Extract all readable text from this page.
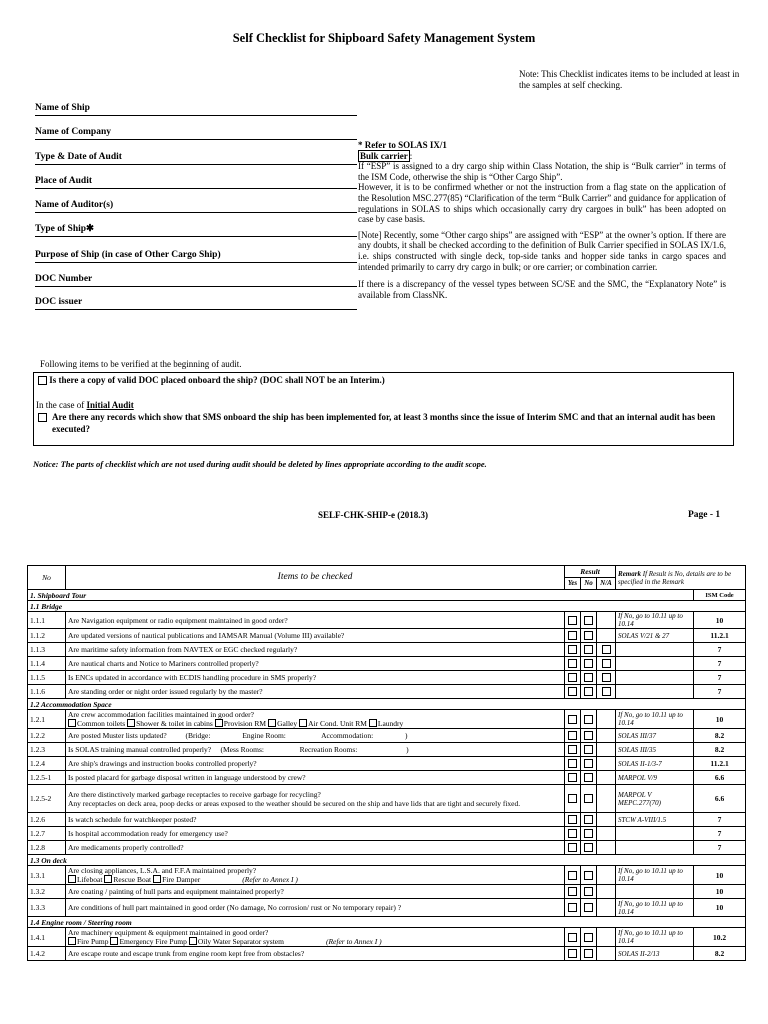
Self Checklist for Shipboard Safety Management System
Note: This Checklist indicates items to be included at least in the samples at self checking.
Name of Ship
Name of Company
Type & Date of Audit
Place of Audit
Name of Auditor(s)
Type of Ship✱
Purpose of Ship (in case of Other Cargo Ship)
DOC Number
DOC issuer

* Refer to SOLAS IX/1

Bulk carrier :

If “ESP” is assigned to a dry cargo ship within Class Notation, the ship is “Bulk carrier” in terms of the ISM Code, otherwise the ship is “Other Cargo Ship”.

However, it is to be confirmed whether or not the instruction from a flag state on the application of the Resolution MSC.277(85) “Clarification of the term “Bulk Carrier” and guidance for application of regulations in SOLAS to ships which occasionally carry dry cargoes in bulk” has been adopted on case by case basis.

[Note] Recently, some “Other cargo ships” are assigned with “ESP” at the owner’s option. If there are any doubts, it shall be checked according to the definition of Bulk Carrier specified in SOLAS IX/1.6, i.e. ships constructed with single deck, top-side tanks and hopper side tanks in cargo spaces and intended primarily to carry dry cargo in bulk; or ore carrier; or combination carrier.

If there is a discrepancy of the vessel types between SC/SE and the SMC, the “Explanatory Note” is available from ClassNK.

Following items to be verified at the beginning of audit.
Is there a copy of valid DOC placed onboard the ship? (DOC shall NOT be an Interim.)
In the case of Initial Audit
Are there any records which show that SMS onboard the ship has been implemented for, at least 3 months since the issue of Interim SMC and that an internal audit has been executed?
Notice: The parts of checklist which are not used during audit should be deleted by lines appropriate according to the audit scope.
SELF-CHK-SHIP-e (2018.3)	Page - 1
No	Items to be checked	Result			Remark If Result is No, details are to be specified in the Remark	
		Yes	No	N/A		
1. Shipboard Tour						ISM Code
1.1 Bridge						
1.1.1	Are Navigation equipment or radio equipment maintained in good order?				If No, go to 10.11 up to 10.14	10
1.1.2	Are updated versions of nautical publications and IAMSAR Manual (Volume III) available?				SOLAS V/21 & 27	11.2.1
1.1.3	Are maritime safety information from NAVTEX or EGC checked regularly?					7
1.1.4	Are nautical charts and Notice to Mariners controlled properly?					7
1.1.5	Is ENCs updated in accordance with ECDIS handling procedure in SMS properly?					7
1.1.6	Are standing order or night order issued regularly by the master?					7
1.2 Accommodation Space						
1.2.1	Are crew accommodation facilities maintained in good order?
Common toilets Shower & toilet in cabins Provision RM Galley Air Cond. Unit RM Laundry				If No, go to 10.11 up to 10.14	10
1.2.2	Are posted Muster lists updated?          (Bridge:                 Engine Room:                   Accommodation:                 )				SOLAS III/37	8.2
1.2.3	Is SOLAS training manual controlled properly?     (Mess Rooms:                   Recreation Rooms:                          )				SOLAS III/35	8.2
1.2.4	Are ship's drawings and instruction books controlled properly?				SOLAS II-1/3-7	11.2.1
1.2.5-1	Is posted placard for garbage disposal written in language understood by crew?				MARPOL V/9	6.6
1.2.5-2	Are there distinctively marked garbage receptacles to receive garbage for recycling?
Any receptacles on deck area, poop decks or areas exposed to the weather should be secured on the ship and have lids that are tight and securely fixed.				MARPOL V
MEPC.277(70)	6.6
1.2.6	Is watch schedule for watchkeeper posted?				STCW A-VIII/1.5	7
1.2.7	Is hospital accommodation ready for emergency use?					7
1.2.8	Are medicaments properly controlled?					7
1.3 On deck						
1.3.1	Are closing appliances, L.S.A. and F.F.A maintained properly?
Lifeboat Rescue Boat Fire Damper (Refer to Annex I )				If No, go to 10.11 up to 10.14	10
1.3.2	Are coating / painting of hull parts and equipment maintained properly?					10
1.3.3	Are conditions of hull part maintained in good order (No damage, No corrosion/ rust or No temporary repair) ?				If No, go to 10.11 up to 10.14	10
1.4 Engine room / Steering room						
1.4.1	Are machinery equipment & equipment maintained in good order?
Fire Pump Emergency Fire Pump Oily Water Separator system (Refer to Annex I )				If No, go to 10.11 up to 10.14	10.2
1.4.2	Are escape route and escape trunk from engine room kept free from obstacles?				SOLAS II-2/13	8.2
